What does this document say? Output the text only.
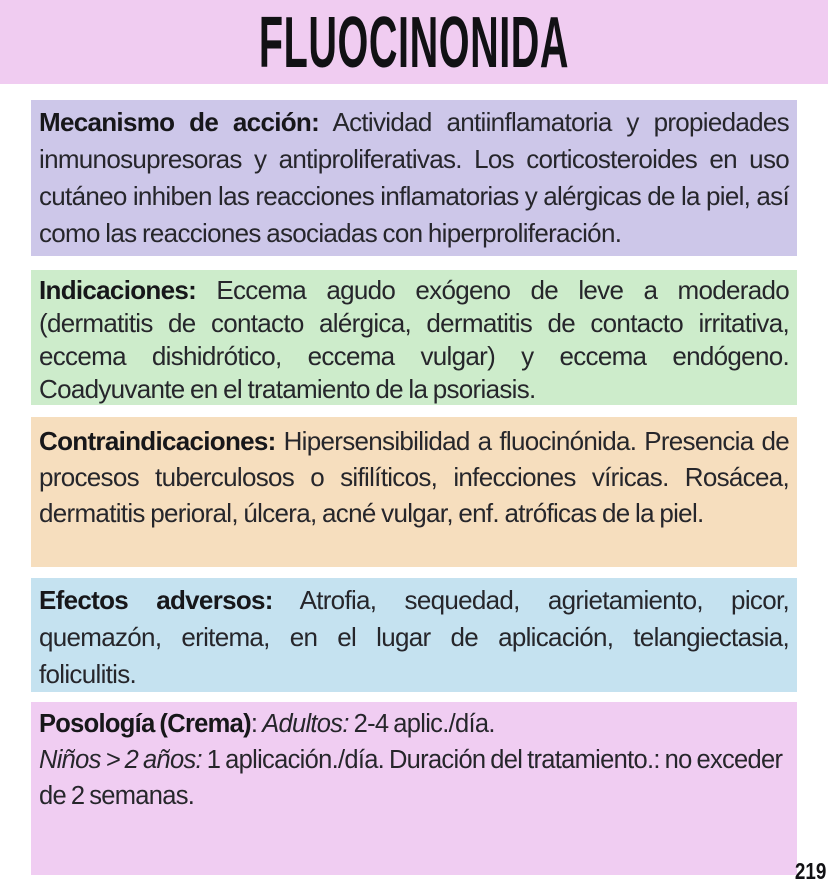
FLUOCINONIDA

Mecanismo de acción: Actividad antiinflamatoria y propiedades inmunosupresoras y antiproliferativas. Los corticosteroides en uso cutáneo inhiben las reacciones inflamatorias y alérgicas de la piel, así como las reacciones asociadas con hiperproliferación.

Indicaciones: Eccema agudo exógeno de leve a moderado (dermatitis de contacto alérgica, dermatitis de contacto irritativa, eccema dishidrótico, eccema vulgar) y eccema endógeno. Coadyuvante en el tratamiento de la psoriasis.

Contraindicaciones: Hipersensibilidad a fluocinónida. Presencia de procesos tuberculosos o sifilíticos, infecciones víricas. Rosácea, dermatitis perioral, úlcera, acné vulgar, enf. atróficas de la piel.

Efectos adversos: Atrofia, sequedad, agrietamiento, picor, quemazón, eritema, en el lugar de aplicación, telangiectasia, foliculitis.

Posología (Crema): Adultos: 2-4 aplic./día.
Niños > 2 años: 1 aplicación./día. Duración del tratamiento.: no exceder de 2 semanas.

219
